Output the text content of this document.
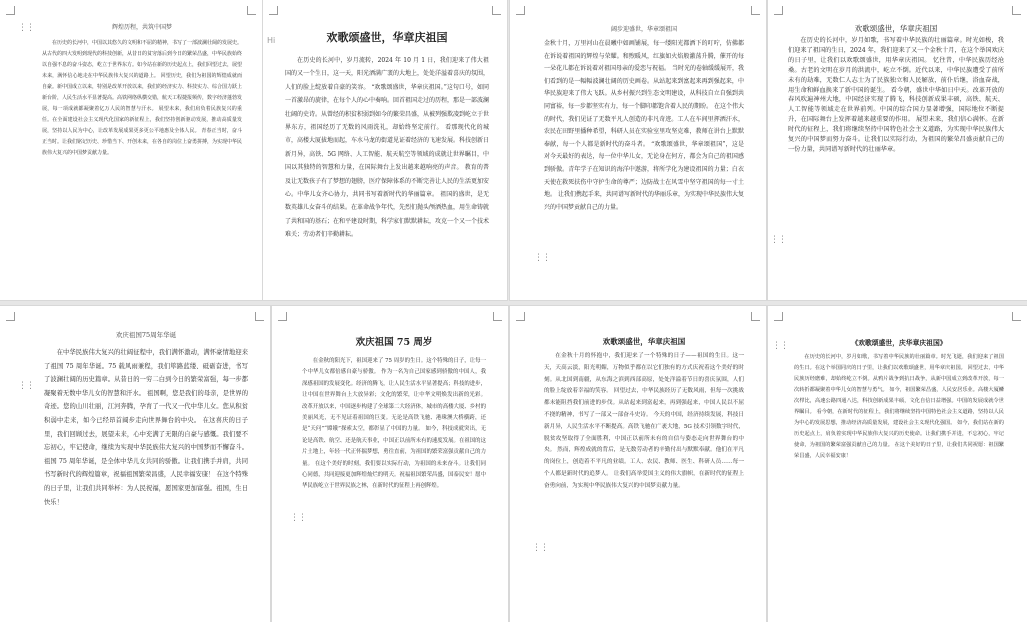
⋮⋮	辉煌历程，共筑中国梦

在历史的长河中，中国以其悠久的文明和不屈的精神，书写了一部波澜壮阔的发展史。从古代的四大发明到现代的科技创新，从昔日的贫穷落后到今日的繁荣昌盛，中华民族始终以自强不息的奋斗姿态，屹立于世界东方。如今站在新的历史起点上，我们回望过去，展望未来，满怀信心地走在中华民族伟大复兴的道路上。 回望历史，我们为祖国的辉煌成就而自豪。新中国成立以来，特别是改革开放以来，我们的经济实力、科技实力、综合国力跃上新台阶，人民生活水平显著提高。高铁网络纵横交错，航天工程捷报频传，数字经济蓬勃发展，每一项成就都凝聚着亿万人民的智慧与汗水。 展望未来，我们肩负着民族复兴的重任。在全面建设社会主义现代化国家的新征程上，我们坚持创新驱动发展，推动高质量发展，坚持以人民为中心，让改革发展成果更多更公平地惠及全体人民。 青春正当时，奋斗正当时。让我们铭记历史、珍惜当下、开创未来，在各自的岗位上奋勇拼搏，为实现中华民族伟大复兴的中国梦贡献力量。

Hi	欢歌颂盛世，华章庆祖国

在历史的长河中，岁月流转，2024 年 10 月 1 日，我们迎来了伟大祖国的又一个生日，这一天，阳光洒满广袤的大地上，处处洋溢着喜庆的氛围，人们的脸上绽放着自豪的笑容。 “欢歌颂盛世，华章庆祖国。”这句口号，如同一首激昂的旋律，在每个人的心中奏响。回首祖国走过的历程，那是一部波澜壮阔的史诗。从曾经的积贫积弱到如今的繁荣昌盛，从被列强欺凌到屹立于世界东方，祖国经历了无数的风雨洗礼，却始终坚定前行。 看那现代化的城市，高楼大厦拔地而起，车水马龙的街道见证着经济的飞速发展。科技创新日新月异，高铁、5G 网络、人工智能、航天航空等领域的成就让世界瞩目，中国以其独特的智慧和力量，在国际舞台上发出越来越响亮的声音。 教育的普及让无数孩子有了梦想的翅膀，医疗保障体系的不断完善让人民的生活更加安心。中华儿女齐心协力，共同书写着新时代的华丽篇章。 祖国的盛世，是无数英雄儿女奋斗的结果。在革命战争年代，先烈们抛头颅洒热血，用生命铸就了共和国的基石；在和平建设时期，科学家们默默耕耘，攻克一个又一个技术难关；劳动者们辛勤耕耘。

⋮⋮

阔步迎盛世，华章颂祖国

金秋十月，万里河山在晨曦中如画铺展，每一缕阳光都洒下的叮咛，仿佛都在诉说着祖国的辉煌与荣耀。和煦暖风，红旗如火焰般激荡升腾，催开的每一朵花儿都在诉说着对祖国母亲的爱恋与祝福。 当时光的卷轴缓缓展开，我们看到的是一幅幅波澜壮阔的历史画卷。从站起来到富起来再到强起来，中华民族迎来了伟大飞跃。从乡村振兴到生态文明建设，从科技自立自强到共同富裕，每一步都坚实有力，每一个脚印都饱含着人民的期盼。 在这个伟大的时代，我们见证了无数平凡人创造的非凡奇迹。工人在车间里挥洒汗水，农民在田野里播种希望，科研人员在实验室里攻坚克难，教师在讲台上默默奉献，每一个人都是新时代的奋斗者。 “欢歌颂盛世，华章颂祖国”，这是对今天最好的表达，每一位中华儿女，无论身在何方，都会为自己的祖国感到骄傲。青年学子在知识的海洋中遨游，将所学化为建设祖国的力量；白衣天使在救死扶伤中守护生命的尊严；边防战士在风雪中坚守祖国的每一寸土地。 让我们携起手来，共同谱写新时代的华丽乐章，为实现中华民族伟大复兴的中国梦贡献自己的力量。

⋮⋮

欢歌颂盛世，华章庆祖国

在历史的长河中，岁月如歌，书写着中华民族的壮丽篇章。时光如梭，我们迎来了祖国的生日，2024 年，我们迎来了又一个金秋十月，在这个举国欢庆的日子里，让我们以欢歌颂盛世，用华章庆祖国。 忆往昔，中华民族历经沧桑。古老的文明在岁月的洪流中，屹立不倒。近代以来，中华民族遭受了前所未有的劫难，无数仁人志士为了民族独立和人民解放，前仆后继，浴血奋战，用生命和鲜血换来了新中国的诞生。 看今朝，盛世中华如日中天。改革开放的春风吹遍神州大地，中国经济实现了腾飞，科技创新成果丰硕，高铁、航天、人工智能等领域走在世界前列。中国的综合国力显著增强，国际地位不断提升，在国际舞台上发挥着越来越重要的作用。 展望未来，我们信心满怀。在新时代的征程上，我们将继续坚持中国特色社会主义道路，为实现中华民族伟大复兴的中国梦而努力奋斗。让我们以实际行动，为祖国的繁荣昌盛贡献自己的一份力量，共同谱写新时代的壮丽华章。

⋮⋮

欢庆祖国75周年华诞

在中华民族伟大复兴的壮阔征程中，我们满怀激动，满怀豪情地迎来了祖国 75 周年华诞。75 载风雨兼程，我们筚路蓝缕、砥砺奋进，书写了波澜壮阔的历史篇章。从昔日的一穷二白到今日的繁荣富强，每一步都凝聚着无数中华儿女的智慧和汗水。 祖国啊，您是我们的母亲，是世界的奇迹。您的山川壮丽，江河奔腾，孕育了一代又一代中华儿女。您从积贫积弱中走来，如今已经昂首阔步走向世界舞台的中央。 在这喜庆的日子里，我们回顾过去，展望未来，心中充满了无限的自豪与感慨。我们要不忘初心，牢记使命，继续为实现中华民族伟大复兴的中国梦而不懈奋斗。 祖国 75 周年华诞，是全体中华儿女共同的骄傲。让我们携手并肩，共同书写新时代的辉煌篇章，祝福祖国繁荣昌盛，人民幸福安康！ 在这个特殊的日子里，让我们共同举杯：为人民祝福，愿国家更加富强。祖国，生日快乐！

⋮⋮

欢庆祖国 75 周岁

在金秋的阳光下，祖国迎来了 75 周岁的生日。这个特殊的日子，让每一个中华儿女都倍感自豪与骄傲。 作为一名为自己国家感到骄傲的中国人，我深感祖国的发展变化。经济的腾飞，让人民生活水平显著提高；科技的进步，让中国在世界舞台上大放异彩；文化的繁荣，让中华文明焕发出新的光彩。 改革开放以来，中国逐步构建了全球第二大经济体，城市的高楼大厦、乡村的美丽风光，无不见证着祖国的巨变。无论是高铁飞驰、港珠澳大桥横跨，还是“天问”“嫦娥”探索太空，都彰显了中国的力量。 如今，科技成就突出，无论是高铁、航空、还是航天事业，中国正以前所未有的速度发展。在祖国的这片土地上，年轻一代正怀揣梦想，勇往直前，为祖国的繁荣富强贡献自己的力量。 在这个美好的时刻，我们要以实际行动，为祖国的未来奋斗。让我们同心同德，共同迎接更加辉煌灿烂的明天。祝福祖国繁荣昌盛，国泰民安！愿中华民族屹立于世界民族之林，在新时代的征程上再创辉煌。

⋮⋮

欢歌颂盛世，华章庆祖国

在金秋十月的怀抱中，我们迎来了一个特殊的日子——祖国的生日。这一天，天高云淡，阳光明媚，万物似乎都在以它们独有的方式庆祝着这个美好的时刻。从北国到南疆，从东海之滨到西部高原，处处洋溢着节日的喜庆氛围，人们的脸上绽放着幸福的笑容。 回望过去，中华民族经历了无数风雨，但每一次挑战都未能阻挡我们前进的步伐。从站起来到富起来，再到强起来，中国人民以不屈不挠的精神，书写了一部又一部奋斗史诗。 今天的中国，经济持续发展，科技日新月异，人民生活水平不断提高。高铁飞驰在广袤大地，5G 技术引领数字时代，脱贫攻坚取得了全面胜利，中国正以前所未有的自信与姿态走向世界舞台的中央。 然而，辉煌成就的背后，是无数劳动者的辛勤付出与默默奉献。他们在平凡的岗位上，创造着不平凡的业绩。工人、农民、教师、医生、科研人员……每一个人都是新时代的追梦人。 让我们高举爱国主义的伟大旗帜，在新时代的征程上奋勇向前，为实现中华民族伟大复兴的中国梦贡献力量。

⋮⋮	《欢歌颂盛世，庆华章庆祖国》

在历史的长河中，岁月如歌，书写着中华民族的壮丽篇章。时光飞逝，我们迎来了祖国的生日。在这个举国同庆的日子里，让我们以欢歌颂盛世，用华章庆祖国。 回望过去，中华民族历经磨难，却始终屹立不倒。从鸦片战争到抗日战争，从新中国成立到改革开放，每一次转折都凝聚着中华儿女的智慧与勇气。 如今，祖国繁荣昌盛，人民安居乐业。高楼大厦鳞次栉比，高速公路四通八达，科技创新成果丰硕，文化自信日益增强。中国的发展成就令世界瞩目。 看今朝，在新时代的征程上，我们将继续坚持中国特色社会主义道路，坚持以人民为中心的发展思想，推动经济高质量发展，建设社会主义现代化强国。 如今，我们站在新的历史起点上，肩负着实现中华民族伟大复兴的历史使命。让我们携手并进，不忘初心，牢记使命，为祖国的繁荣富强贡献自己的力量。 在这个美好的日子里，让我们共同祝愿：祖国繁荣昌盛，人民幸福安康！
